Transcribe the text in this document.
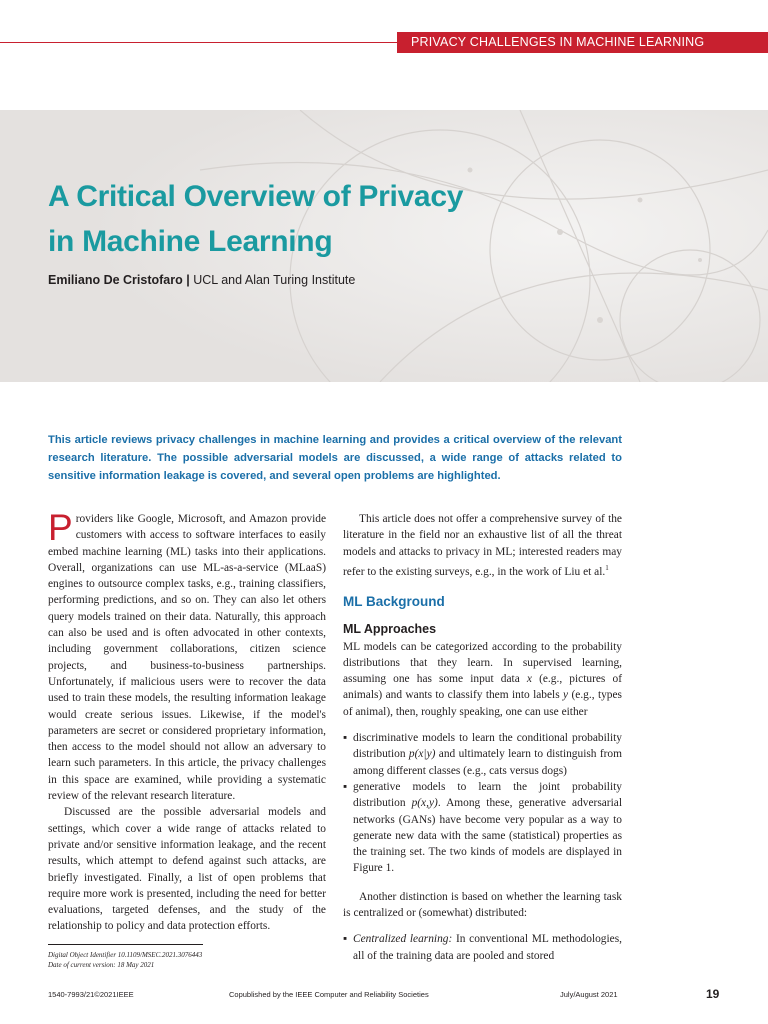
PRIVACY CHALLENGES IN MACHINE LEARNING
A Critical Overview of Privacy
in Machine Learning
Emiliano De Cristofaro | UCL and Alan Turing Institute
This article reviews privacy challenges in machine learning and provides a critical overview of the relevant research literature. The possible adversarial models are discussed, a wide range of attacks related to sensitive information leakage is covered, and several open problems are highlighted.

Providers like Google, Microsoft, and Amazon provide customers with access to software interfaces to easily embed machine learning (ML) tasks into their applications. Overall, organizations can use ML-as-a-service (MLaaS) engines to outsource complex tasks, e.g., training classifiers, performing predictions, and so on. They can also let others query models trained on their data. Naturally, this approach can also be used and is often advocated in other contexts, including government collaborations, citizen science projects, and business-to-business partnerships. Unfortunately, if malicious users were to recover the data used to train these models, the resulting information leakage would create serious issues. Likewise, if the model's parameters are secret or considered proprietary information, then access to the model should not allow an adversary to learn such parameters. In this article, the privacy challenges in this space are examined, while providing a systematic review of the relevant research literature.

Discussed are the possible adversarial models and settings, which cover a wide range of attacks related to private and/or sensitive information leakage, and the recent results, which attempt to defend against such attacks, are briefly investigated. Finally, a list of open problems that require more work is presented, including the need for better evaluations, targeted defenses, and the study of the relationship to policy and data protection efforts.

This article does not offer a comprehensive survey of the literature in the field nor an exhaustive list of all the threat models and attacks to privacy in ML; interested readers may refer to the existing surveys, e.g., in the work of Liu et al.$^1$

ML Background
ML Approaches

ML models can be categorized according to the probability distributions that they learn. In supervised learning, assuming one has some input data x (e.g., pictures of animals) and wants to classify them into labels y (e.g., types of animal), then, roughly speaking, one can use either

▪ discriminative models to learn the conditional probability distribution p(x|y) and ultimately learn to distinguish from among different classes (e.g., cats versus dogs)
▪ generative models to learn the joint probability distribution p(x,y). Among these, generative adversarial networks (GANs) have become very popular as a way to generate new data with the same (statistical) properties as the training set. The two kinds of models are displayed in Figure 1.

Another distinction is based on whether the learning task is centralized or (somewhat) distributed:

▪ Centralized learning: In conventional ML methodologies, all of the training data are pooled and stored
Digital Object Identifier 10.1109/MSEC.2021.3076443
Date of current version: 18 May 2021
1540-7993/21©2021IEEE	Copublished by the IEEE Computer and Reliability Societies	July/August 2021	19
